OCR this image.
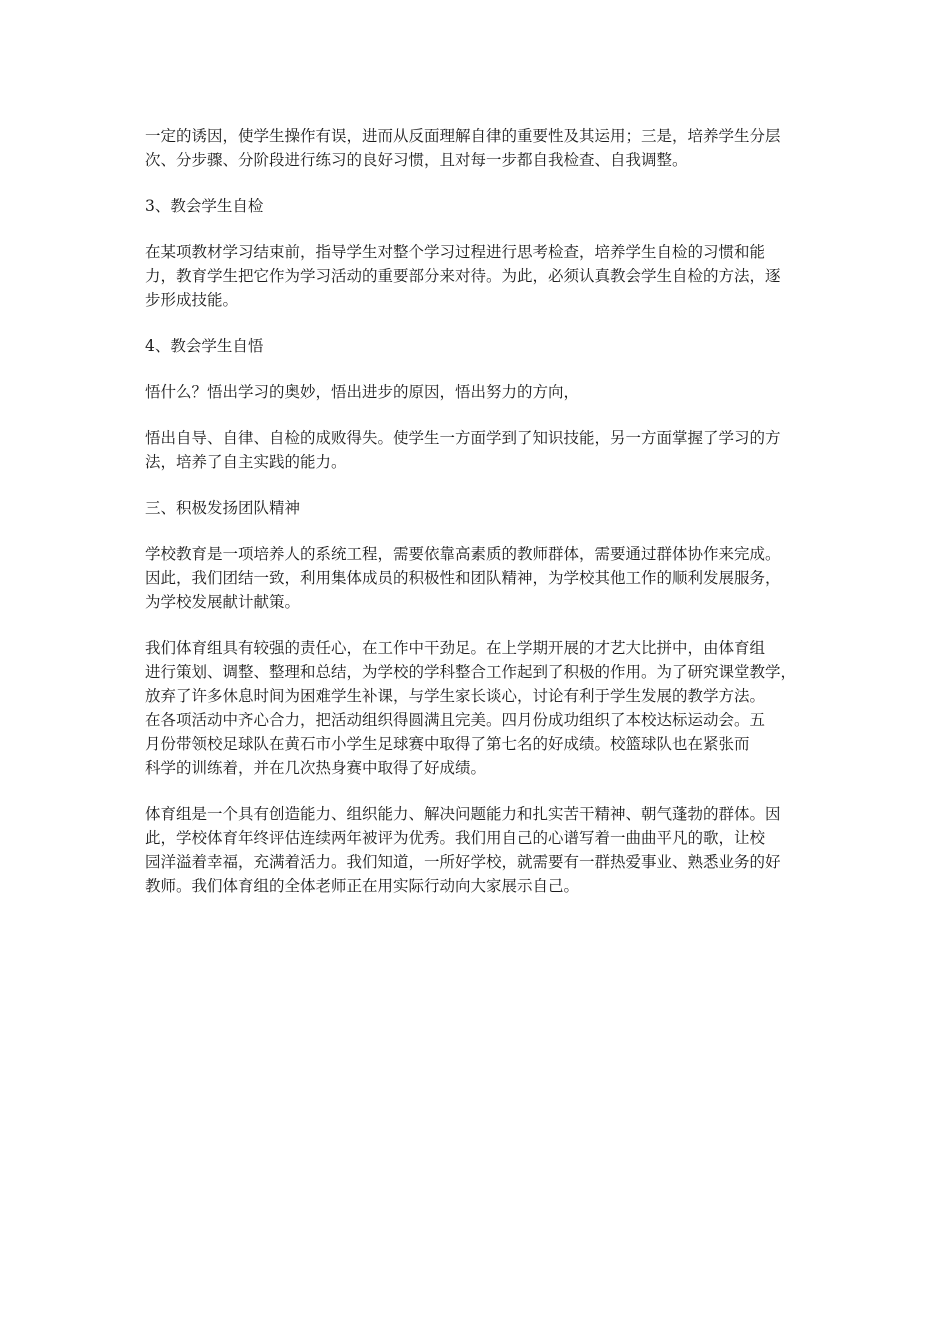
一定的诱因，使学生操作有误，进而从反面理解自律的重要性及其运用；三是，培养学生分层
次、分步骤、分阶段进行练习的良好习惯，且对每一步都自我检查、自我调整。
3、教会学生自检
在某项教材学习结束前，指导学生对整个学习过程进行思考检查，培养学生自检的习惯和能
力，教育学生把它作为学习活动的重要部分来对待。为此，必须认真教会学生自检的方法，逐
步形成技能。
4、教会学生自悟
悟什么？悟出学习的奥妙，悟出进步的原因，悟出努力的方向，
悟出自导、自律、自检的成败得失。使学生一方面学到了知识技能，另一方面掌握了学习的方
法，培养了自主实践的能力。
三、积极发扬团队精神
学校教育是一项培养人的系统工程，需要依靠高素质的教师群体，需要通过群体协作来完成。
因此，我们团结一致，利用集体成员的积极性和团队精神，为学校其他工作的顺利发展服务，
为学校发展献计献策。
我们体育组具有较强的责任心，在工作中干劲足。在上学期开展的才艺大比拼中，由体育组
进行策划、调整、整理和总结，为学校的学科整合工作起到了积极的作用。为了研究课堂教学，
放弃了许多休息时间为困难学生补课，与学生家长谈心，讨论有利于学生发展的教学方法。
在各项活动中齐心合力，把活动组织得圆满且完美。四月份成功组织了本校达标运动会。五
月份带领校足球队在黄石市小学生足球赛中取得了第七名的好成绩。校篮球队也在紧张而
科学的训练着，并在几次热身赛中取得了好成绩。
体育组是一个具有创造能力、组织能力、解决问题能力和扎实苦干精神、朝气蓬勃的群体。因
此，学校体育年终评估连续两年被评为优秀。我们用自己的心谱写着一曲曲平凡的歌，让校
园洋溢着幸福，充满着活力。我们知道，一所好学校，就需要有一群热爱事业、熟悉业务的好
教师。我们体育组的全体老师正在用实际行动向大家展示自己。
